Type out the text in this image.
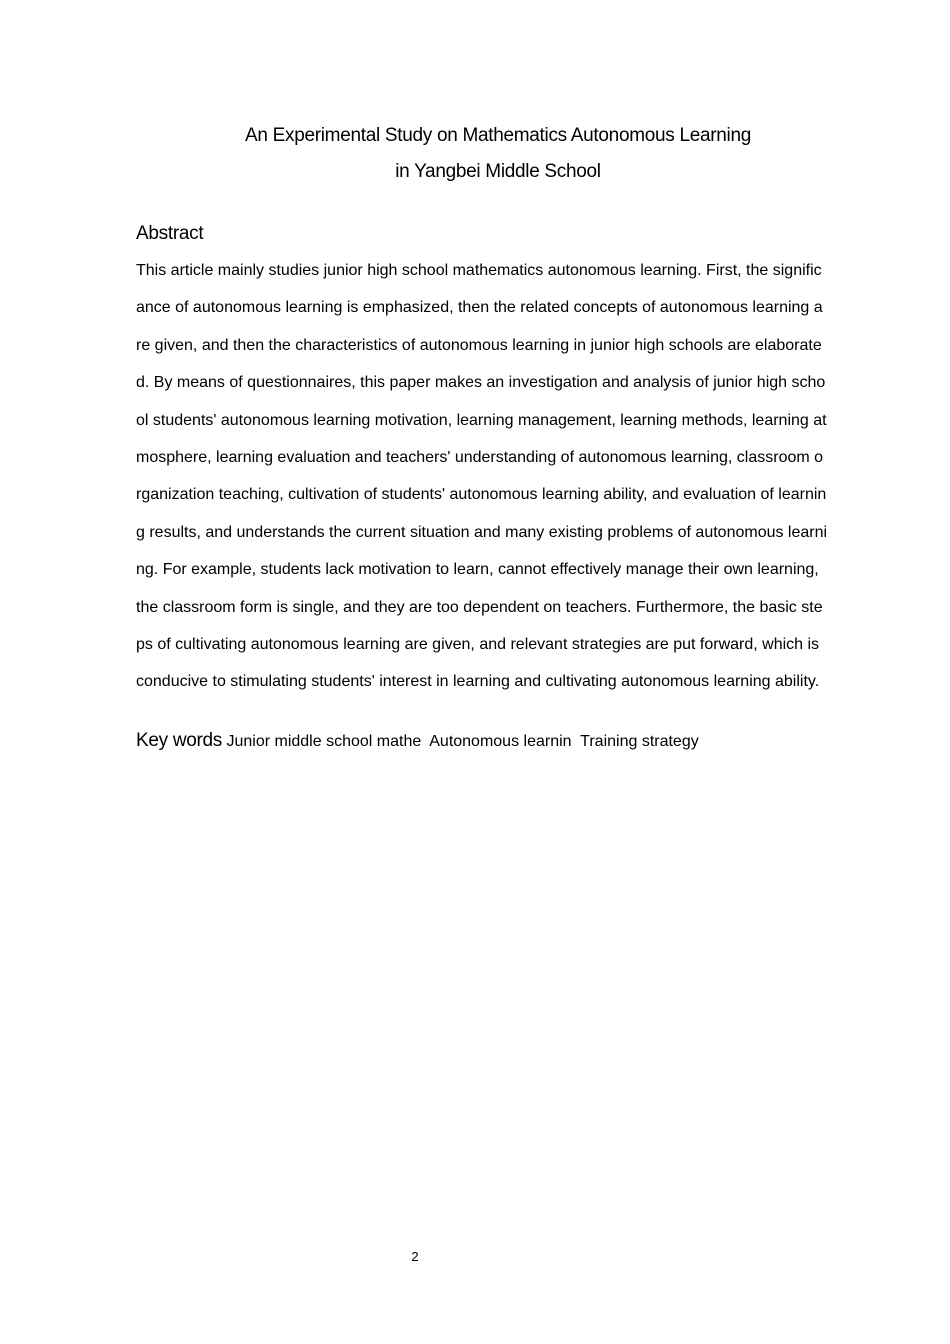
An Experimental Study on Mathematics Autonomous Learning
in Yangbei Middle School
Abstract
This article mainly studies junior high school mathematics autonomous learning. First, the signific
ance of autonomous learning is emphasized, then the related concepts of autonomous learning a
re given, and then the characteristics of autonomous learning in junior high schools are elaborate
d. By means of questionnaires, this paper makes an investigation and analysis of junior high scho
ol students' autonomous learning motivation, learning management, learning methods, learning at
mosphere, learning evaluation and teachers' understanding of autonomous learning, classroom o
rganization teaching, cultivation of students' autonomous learning ability, and evaluation of learnin
g results, and understands the current situation and many existing problems of autonomous learni
ng. For example, students lack motivation to learn, cannot effectively manage their own learning,
the classroom form is single, and they are too dependent on teachers. Furthermore, the basic ste
ps of cultivating autonomous learning are given, and relevant strategies are put forward, which is
conducive to stimulating students' interest in learning and cultivating autonomous learning ability.
Key words Junior middle school mathe  Autonomous learnin  Training strategy
2
